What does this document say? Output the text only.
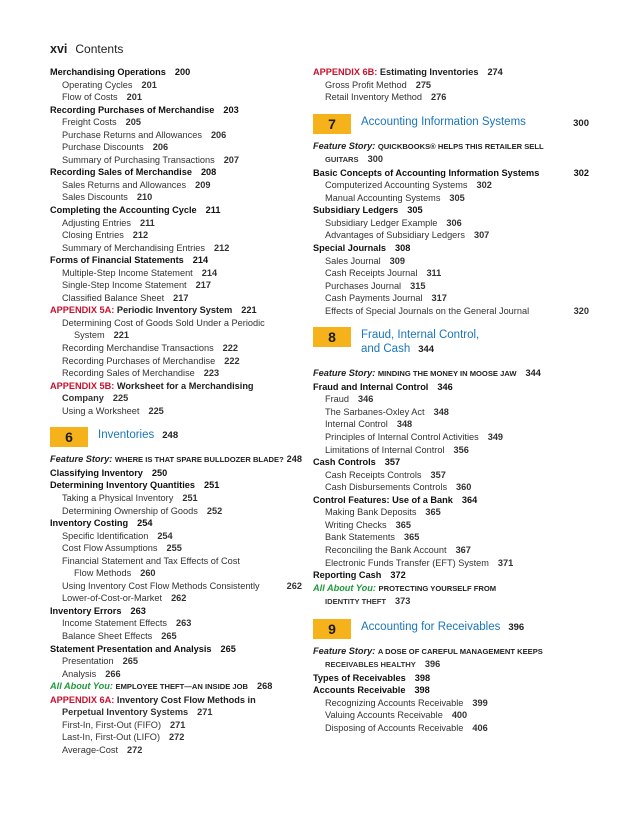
xvi Contents
Merchandising Operations 200
Operating Cycles 201
Flow of Costs 201
Recording Purchases of Merchandise 203
Freight Costs 205
Purchase Returns and Allowances 206
Purchase Discounts 206
Summary of Purchasing Transactions 207
Recording Sales of Merchandise 208
Sales Returns and Allowances 209
Sales Discounts 210
Completing the Accounting Cycle 211
Adjusting Entries 211
Closing Entries 212
Summary of Merchandising Entries 212
Forms of Financial Statements 214
Multiple-Step Income Statement 214
Single-Step Income Statement 217
Classified Balance Sheet 217
APPENDIX 5A: Periodic Inventory System 221
Determining Cost of Goods Sold Under a Periodic
System 221
Recording Merchandise Transactions 222
Recording Purchases of Merchandise 222
Recording Sales of Merchandise 223
APPENDIX 5B: Worksheet for a Merchandising
Company 225
Using a Worksheet 225
6	Inventories 248
Feature Story: WHERE IS THAT SPARE BULLDOZER BLADE? 248
Classifying Inventory 250
Determining Inventory Quantities 251
Taking a Physical Inventory 251
Determining Ownership of Goods 252
Inventory Costing 254
Specific Identification 254
Cost Flow Assumptions 255
Financial Statement and Tax Effects of Cost
Flow Methods 260
Using Inventory Cost Flow Methods Consistently	262
Lower-of-Cost-or-Market 262
Inventory Errors 263
Income Statement Effects 263
Balance Sheet Effects 265
Statement Presentation and Analysis 265
Presentation 265
Analysis 266
All About You: EMPLOYEE THEFT—AN INSIDE JOB 268
APPENDIX 6A: Inventory Cost Flow Methods in
Perpetual Inventory Systems 271
First-In, First-Out (FIFO) 271
Last-In, First-Out (LIFO) 272
Average-Cost 272
APPENDIX 6B: Estimating Inventories 274
Gross Profit Method 275
Retail Inventory Method 276
7	300
Accounting Information Systems
Feature Story: QUICKBOOKS® HELPS THIS RETAILER SELL
GUITARS 300
Basic Concepts of Accounting Information Systems	302
Computerized Accounting Systems 302
Manual Accounting Systems 305
Subsidiary Ledgers 305
Subsidiary Ledger Example 306
Advantages of Subsidiary Ledgers 307
Special Journals 308
Sales Journal 309
Cash Receipts Journal 311
Purchases Journal 315
Cash Payments Journal 317
Effects of Special Journals on the General Journal	320
8	Fraud, Internal Control,
and Cash 344
Feature Story: MINDING THE MONEY IN MOOSE JAW 344
Fraud and Internal Control 346
Fraud 346
The Sarbanes-Oxley Act 348
Internal Control 348
Principles of Internal Control Activities 349
Limitations of Internal Control 356
Cash Controls 357
Cash Receipts Controls 357
Cash Disbursements Controls 360
Control Features: Use of a Bank 364
Making Bank Deposits 365
Writing Checks 365
Bank Statements 365
Reconciling the Bank Account 367
Electronic Funds Transfer (EFT) System 371
Reporting Cash 372
All About You: PROTECTING YOURSELF FROM
IDENTITY THEFT 373
9	Accounting for Receivables 396
Feature Story: A DOSE OF CAREFUL MANAGEMENT KEEPS
RECEIVABLES HEALTHY 396
Types of Receivables 398
Accounts Receivable 398
Recognizing Accounts Receivable 399
Valuing Accounts Receivable 400
Disposing of Accounts Receivable 406
